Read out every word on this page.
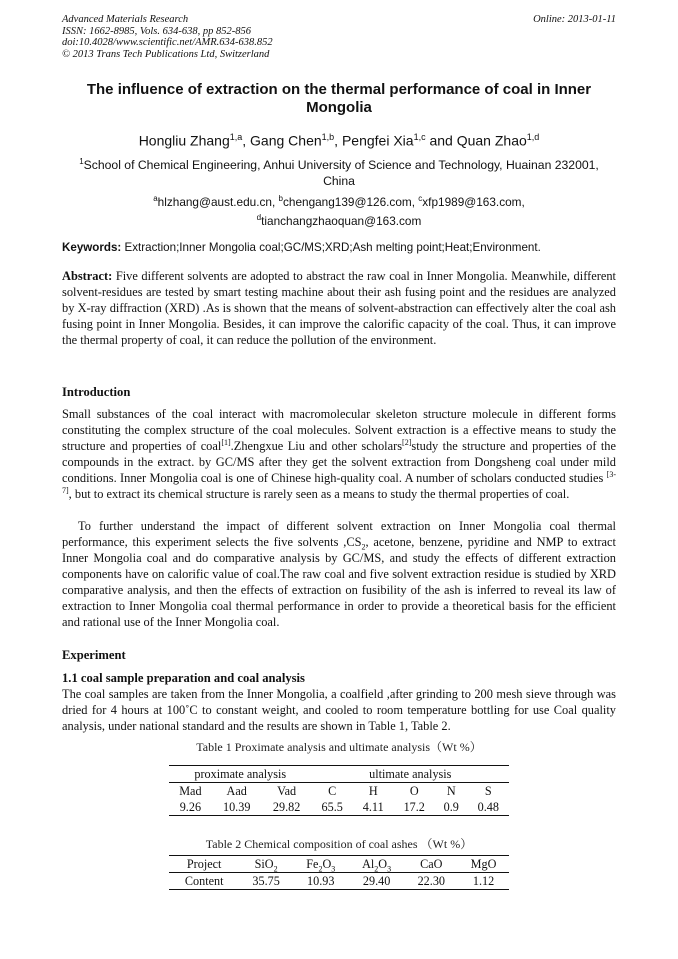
Advanced Materials Research
ISSN: 1662-8985, Vols. 634-638, pp 852-856
doi:10.4028/www.scientific.net/AMR.634-638.852
© 2013 Trans Tech Publications Ltd, Switzerland
Online: 2013-01-11
The influence of extraction on the thermal performance of coal in Inner Mongolia
Hongliu Zhang$^{1,a}$, Gang Chen$^{1,b}$, Pengfei Xia$^{1,c}$ and Quan Zhao$^{1,d}$
$^1$School of Chemical Engineering, Anhui University of Science and Technology, Huainan 232001, China
$^a$hlzhang@aust.edu.cn, $^b$chengang139@126.com, $^c$xfp1989@163.com,
$^d$tianchangzhaoquan@163.com
Keywords: Extraction;Inner Mongolia coal;GC/MS;XRD;Ash melting point;Heat;Environment.
Abstract: Five different solvents are adopted to abstract the raw coal in Inner Mongolia. Meanwhile, different solvent-residues are tested by smart testing machine about their ash fusing point and the residues are analyzed by X-ray diffraction (XRD) .As is shown that the means of solvent-abstraction can effectively alter the coal ash fusing point in Inner Mongolia. Besides, it can improve the calorific capacity of the coal. Thus, it can improve the thermal property of coal, it can reduce the pollution of the environment.
Introduction
Small substances of the coal interact with macromolecular skeleton structure molecule in different forms constituting the complex structure of the coal molecules. Solvent extraction is a effective means to study the structure and properties of coal[1].Zhengxue Liu and other scholars[2]study the structure and properties of the compounds in the extract. by GC/MS after they get the solvent extraction from Dongsheng coal under mild conditions. Inner Mongolia coal is one of Chinese high-quality coal. A number of scholars conducted studies [3-7], but to extract its chemical structure is rarely seen as a means to study the thermal properties of coal.
To further understand the impact of different solvent extraction on Inner Mongolia coal thermal performance, this experiment selects the five solvents $,CS_2$, acetone, benzene, pyridine and NMP to extract Inner Mongolia coal and do comparative analysis by GC/MS, and study the effects of different extraction components have on calorific value of coal.The raw coal and five solvent extraction residue is studied by XRD comparative analysis, and then the effects of extraction on fusibility of the ash is inferred to reveal its law of extraction to Inner Mongolia coal thermal performance in order to provide a theoretical basis for the efficient and rational use of the Inner Mongolia coal.
Experiment
1.1 coal sample preparation and coal analysis
The coal samples are taken from the Inner Mongolia, a coalfield ,after grinding to 200 mesh sieve through was dried for 4 hours at 100˚C to constant weight, and cooled to room temperature bottling for use Coal quality analysis, under national standard and the results are shown in Table 1, Table 2.
Table 1 Proximate analysis and ultimate analysis（Wt %）
proximate analysis			ultimate analysis				
Mad	Aad	Vad	C	H	O	N	S
9.26	10.39	29.82	65.5	4.11	17.2	0.9	0.48
Table 2 Chemical composition of coal ashes （Wt %）
Project	SiO$_2$	$Fe_2O_3$	$Al_2O_3$	CaO	MgO
Content	35.75	10.93	29.40	22.30	1.12
